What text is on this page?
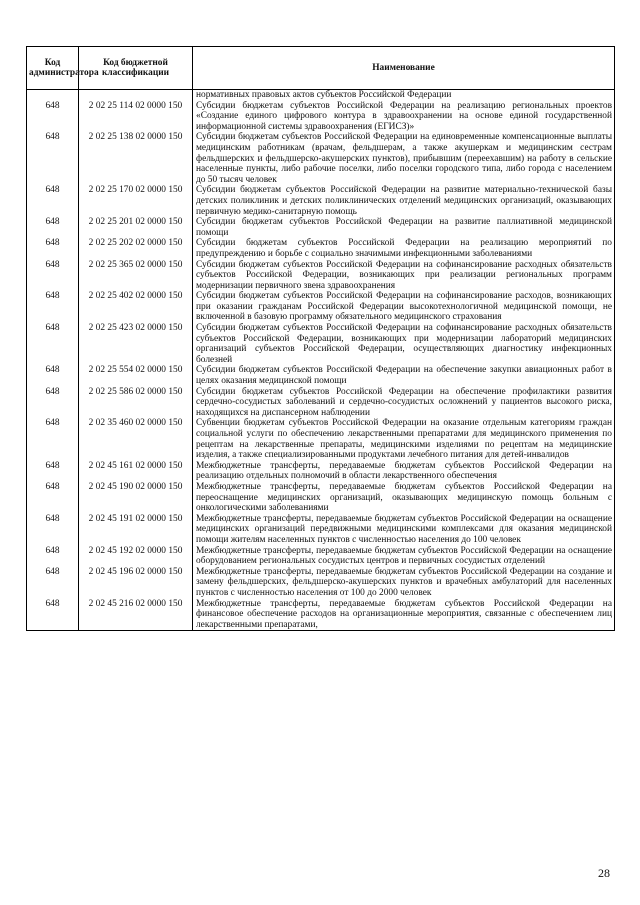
Код администратора	Код бюджетной классификации	Наименование
		нормативных правовых актов субъектов Российской Федерации
648	2 02 25 114 02 0000 150	Субсидии бюджетам субъектов Российской Федерации на реализацию региональных проектов «Создание единого цифрового контура в здравоохранении на основе единой государственной информационной системы здравоохранения (ЕГИСЗ)»
648	2 02 25 138 02 0000 150	Субсидии бюджетам субъектов Российской Федерации на единовременные компенсационные выплаты медицинским работникам (врачам, фельдшерам, а также акушеркам и медицинским сестрам фельдшерских и фельдшерско-акушерских пунктов), прибывшим (переехавшим) на работу в сельские населенные пункты, либо рабочие поселки, либо поселки городского типа, либо города с населением до 50 тысяч человек
648	2 02 25 170 02 0000 150	Субсидии бюджетам субъектов Российской Федерации на развитие материально-технической базы детских поликлиник и детских поликлинических отделений медицинских организаций, оказывающих первичную медико-санитарную помощь
648	2 02 25 201 02 0000 150	Субсидии бюджетам субъектов Российской Федерации на развитие паллиативной медицинской помощи
648	2 02 25 202 02 0000 150	Субсидии бюджетам субъектов Российской Федерации на реализацию мероприятий по предупреждению и борьбе с социально значимыми инфекционными заболеваниями
648	2 02 25 365 02 0000 150	Субсидии бюджетам субъектов Российской Федерации на софинансирование расходных обязательств субъектов Российской Федерации, возникающих при реализации региональных программ модернизации первичного звена здравоохранения
648	2 02 25 402 02 0000 150	Субсидии бюджетам субъектов Российской Федерации на софинансирование расходов, возникающих при оказании гражданам Российской Федерации высокотехнологичной медицинской помощи, не включенной в базовую программу обязательного медицинского страхования
648	2 02 25 423 02 0000 150	Субсидии бюджетам субъектов Российской Федерации на софинансирование расходных обязательств субъектов Российской Федерации, возникающих при модернизации лабораторий медицинских организаций субъектов Российской Федерации, осуществляющих диагностику инфекционных болезней
648	2 02 25 554 02 0000 150	Субсидии бюджетам субъектов Российской Федерации на обеспечение закупки авиационных работ в целях оказания медицинской помощи
648	2 02 25 586 02 0000 150	Субсидии бюджетам субъектов Российской Федерации на обеспечение профилактики развития сердечно-сосудистых заболеваний и сердечно-сосудистых осложнений у пациентов высокого риска, находящихся на диспансерном наблюдении
648	2 02 35 460 02 0000 150	Субвенции бюджетам субъектов Российской Федерации на оказание отдельным категориям граждан социальной услуги по обеспечению лекарственными препаратами для медицинского применения по рецептам на лекарственные препараты, медицинскими изделиями по рецептам на медицинские изделия, а также специализированными продуктами лечебного питания для детей-инвалидов
648	2 02 45 161 02 0000 150	Межбюджетные трансферты, передаваемые бюджетам субъектов Российской Федерации на реализацию отдельных полномочий в области лекарственного обеспечения
648	2 02 45 190 02 0000 150	Межбюджетные трансферты, передаваемые бюджетам субъектов Российской Федерации на переоснащение медицинских организаций, оказывающих медицинскую помощь больным с онкологическими заболеваниями
648	2 02 45 191 02 0000 150	Межбюджетные трансферты, передаваемые бюджетам субъектов Российской Федерации на оснащение медицинских организаций передвижными медицинскими комплексами для оказания медицинской помощи жителям населенных пунктов с численностью населения до 100 человек
648	2 02 45 192 02 0000 150	Межбюджетные трансферты, передаваемые бюджетам субъектов Российской Федерации на оснащение оборудованием региональных сосудистых центров и первичных сосудистых отделений
648	2 02 45 196 02 0000 150	Межбюджетные трансферты, передаваемые бюджетам субъектов Российской Федерации на создание и замену фельдшерских, фельдшерско-акушерских пунктов и врачебных амбулаторий для населенных пунктов с численностью населения от 100 до 2000 человек
648	2 02 45 216 02 0000 150	Межбюджетные трансферты, передаваемые бюджетам субъектов Российской Федерации на финансовое обеспечение расходов на организационные мероприятия, связанные с обеспечением лиц лекарственными препаратами,
28
